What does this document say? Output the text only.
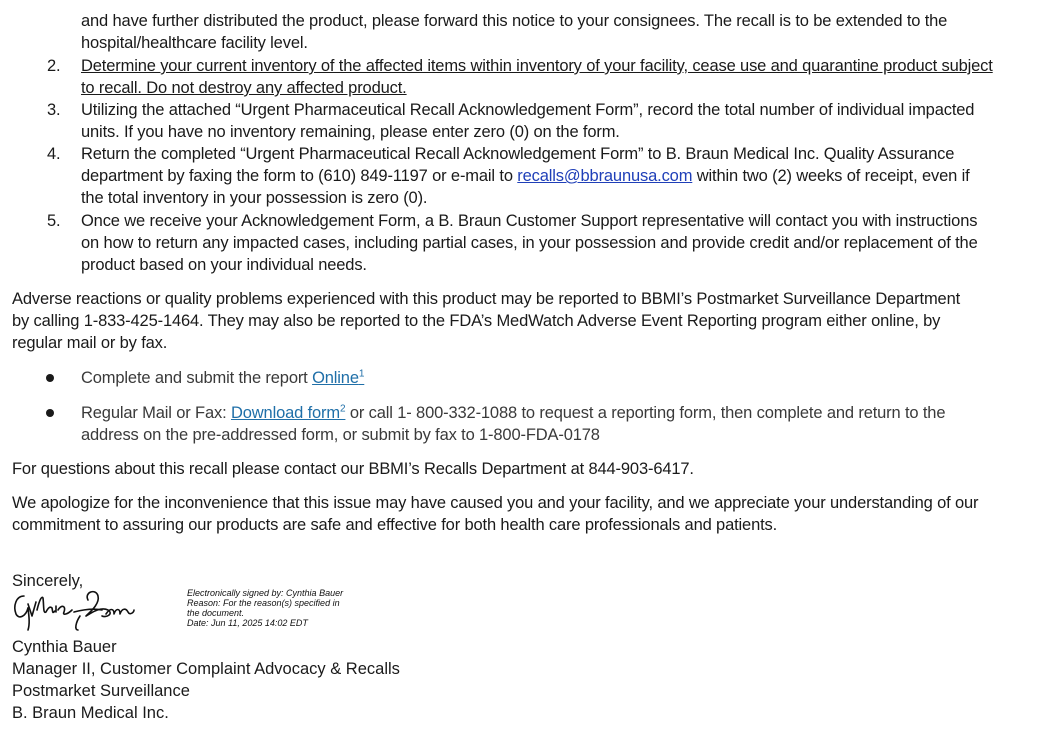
and have further distributed the product, please forward this notice to your consignees. The recall is to be extended to the
hospital/healthcare facility level.
2. Determine your current inventory of the affected items within inventory of your facility, cease use and quarantine product subject to recall. Do not destroy any affected product.
3. Utilizing the attached “Urgent Pharmaceutical Recall Acknowledgement Form”, record the total number of individual impacted units. If you have no inventory remaining, please enter zero (0) on the form.
4. Return the completed “Urgent Pharmaceutical Recall Acknowledgement Form” to B. Braun Medical Inc. Quality Assurance department by faxing the form to (610) 849-1197 or e-mail to recalls@bbraunusa.com within two (2) weeks of receipt, even if the total inventory in your possession is zero (0).
5. Once we receive your Acknowledgement Form, a B. Braun Customer Support representative will contact you with instructions on how to return any impacted cases, including partial cases, in your possession and provide credit and/or replacement of the product based on your individual needs.
Adverse reactions or quality problems experienced with this product may be reported to BBMI’s Postmarket Surveillance Department by calling 1-833-425-1464. They may also be reported to the FDA’s MedWatch Adverse Event Reporting program either online, by regular mail or by fax.
Complete and submit the report Online$^1$
Regular Mail or Fax: Download form$^2$ or call 1- 800-332-1088 to request a reporting form, then complete and return to the address on the pre-addressed form, or submit by fax to 1-800-FDA-0178
For questions about this recall please contact our BBMI’s Recalls Department at 844-903-6417.
We apologize for the inconvenience that this issue may have caused you and your facility, and we appreciate your understanding of our commitment to assuring our products are safe and effective for both health care professionals and patients.
Sincerely,
Electronically signed by: Cynthia Bauer
Reason: For the reason(s) specified in
the document.
Date: Jun 11, 2025 14:02 EDT
Cynthia Bauer
Manager II, Customer Complaint Advocacy & Recalls
Postmarket Surveillance
B. Braun Medical Inc.
